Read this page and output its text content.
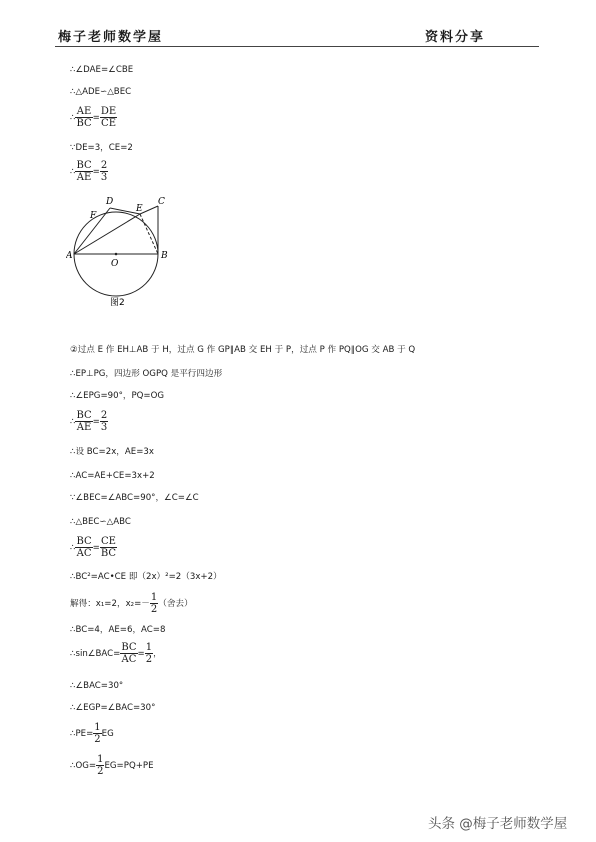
梅子老师数学屋	资料分享
∴∠DAE=∠CBE
∴△ADE∽△BEC
∴ $\frac{AE}{BC} = \frac{DE}{CE}$
∵DE=3，CE=2
∴ $\frac{BC}{AE} = \frac{2}{3}$
A	B
C
D
E
F
O
图2
②过点 E 作 EH⊥AB 于 H，过点 G 作 GP∥AB 交 EH 于 P，过点 P 作 PQ∥OG 交 AB 于 Q
∴EP⊥PG，四边形 OGPQ 是平行四边形
∴∠EPG=90°，PQ=OG
∴ $\frac{BC}{AE} = \frac{2}{3}$
∴设 BC=2x，AE=3x
∴AC=AE+CE=3x+2
∵∠BEC=∠ABC=90°，∠C=∠C
∴△BEC∽△ABC
∴ $\frac{BC}{AC} = \frac{CE}{BC}$
∴BC²=AC•CE 即（2x）²=2（3x+2）
解得：x₁=2，$x_2=- \frac{1}{2}$ （舍去）
∴BC=4，AE=6，AC=8
∴sin∠BAC= $\frac{BC}{AC} = \frac{1}{2}$ ，
∴∠BAC=30°
∴∠EGP=∠BAC=30°
∴PE= $\frac{1}{2}$ EG
∴OG= $\frac{1}{2} EG=PQ+PE$
头条 @梅子老师数学屋
